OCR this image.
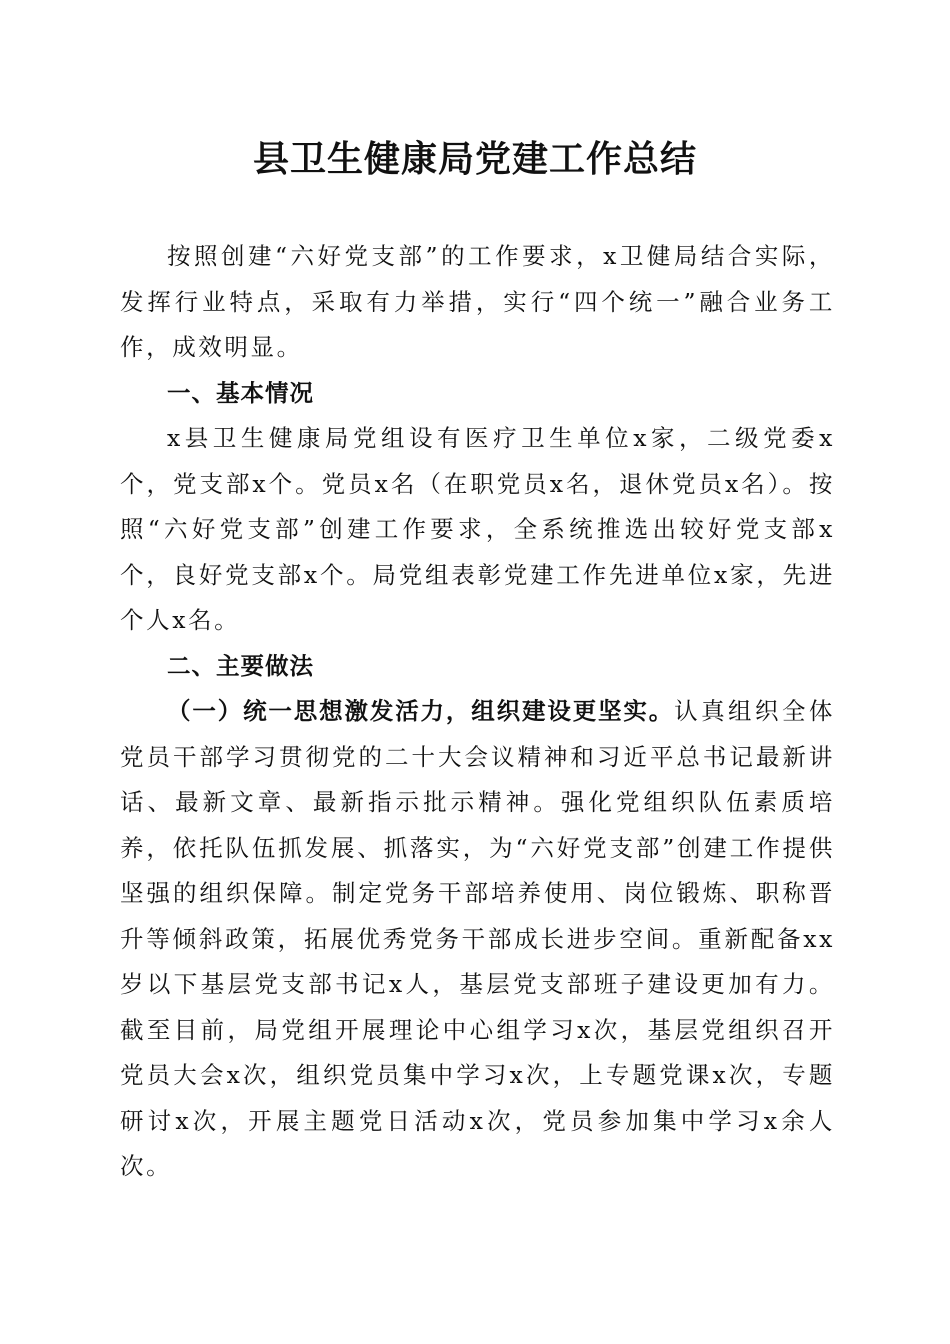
县卫生健康局党建工作总结

按照创建“六好党支部”的工作要求，x卫健局结合实际，发挥行业特点，采取有力举措，实行“四个统一”融合业务工作，成效明显。

一、基本情况

x县卫生健康局党组设有医疗卫生单位x家，二级党委x个，党支部x个。党员x名（在职党员x名，退休党员x名）。按照“六好党支部”创建工作要求，全系统推选出较好党支部x个，良好党支部x个。局党组表彰党建工作先进单位x家，先进个人x名。

二、主要做法

（一）统一思想激发活力，组织建设更坚实。认真组织全体党员干部学习贯彻党的二十大会议精神和习近平总书记最新讲话、最新文章、最新指示批示精神。强化党组织队伍素质培养，依托队伍抓发展、抓落实，为“六好党支部”创建工作提供坚强的组织保障。制定党务干部培养使用、岗位锻炼、职称晋升等倾斜政策，拓展优秀党务干部成长进步空间。重新配备xx岁以下基层党支部书记x人，基层党支部班子建设更加有力。截至目前，局党组开展理论中心组学习x次，基层党组织召开党员大会x次，组织党员集中学习x次，上专题党课x次，专题研讨x次，开展主题党日活动x次，党员参加集中学习x余人次。
